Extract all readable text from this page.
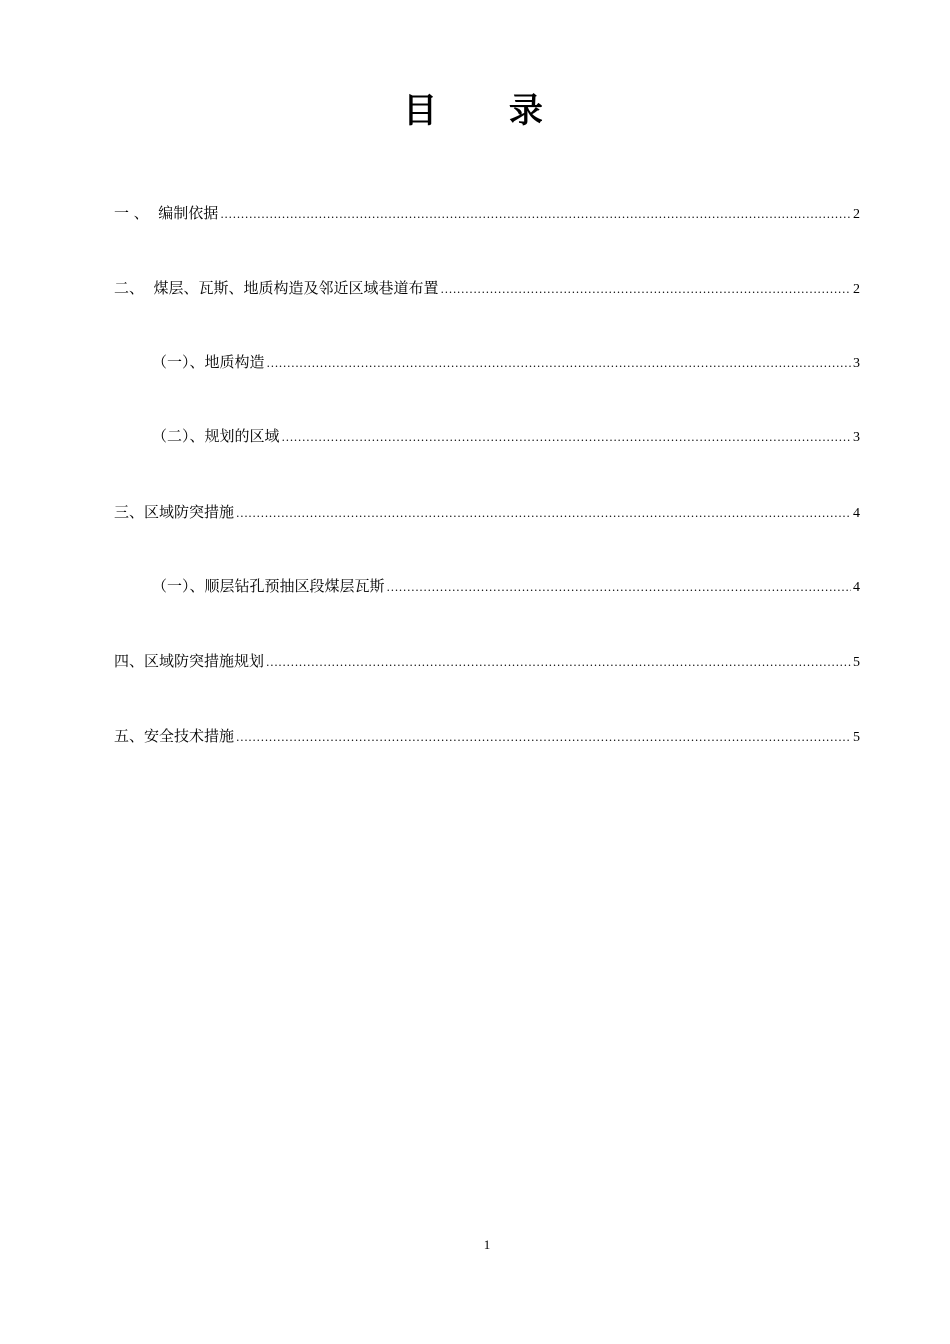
目 录
一 、  编制依据 .....	2
二、  煤层、瓦斯、地质构造及邻近区域巷道布置 .....	2
（一）、地质构造 .....	3
（二）、规划的区域 .....	3
三、区域防突措施 .....	4
（一）、顺层钻孔预抽区段煤层瓦斯 .....	4
四、区域防突措施规划 .....	5
五、安全技术措施 .....	5
1
